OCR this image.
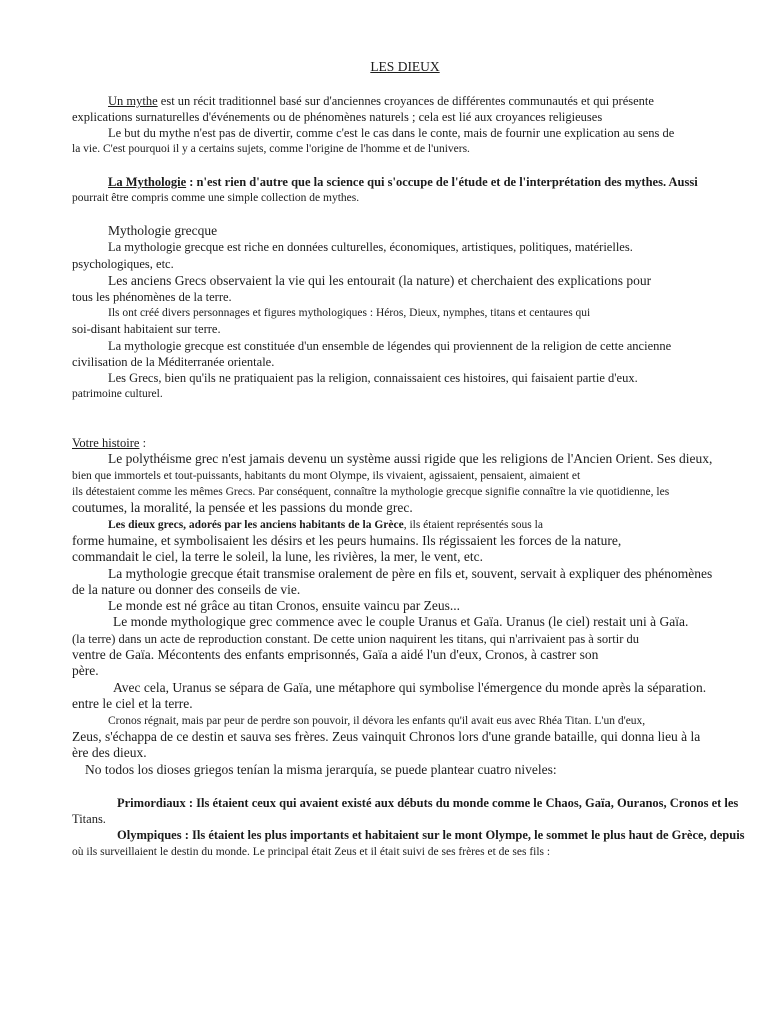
LES DIEUX
Un mythe est un récit traditionnel basé sur d'anciennes croyances de différentes communautés et qui présente
explications surnaturelles d'événements ou de phénomènes naturels ; cela est lié aux croyances religieuses
Le but du mythe n'est pas de divertir, comme c'est le cas dans le conte, mais de fournir une explication au sens de
la vie. C'est pourquoi il y a certains sujets, comme l'origine de l'homme et de l'univers.
La Mythologie : n'est rien d'autre que la science qui s'occupe de l'étude et de l'interprétation des mythes. Aussi
pourrait être compris comme une simple collection de mythes.
Mythologie grecque
La mythologie grecque est riche en données culturelles, économiques, artistiques, politiques, matérielles.
psychologiques, etc.
Les anciens Grecs observaient la vie qui les entourait (la nature) et cherchaient des explications pour
tous les phénomènes de la terre.
Ils ont créé divers personnages et figures mythologiques : Héros, Dieux, nymphes, titans et centaures qui
soi-disant habitaient sur terre.
La mythologie grecque est constituée d'un ensemble de légendes qui proviennent de la religion de cette ancienne
civilisation de la Méditerranée orientale.
Les Grecs, bien qu'ils ne pratiquaient pas la religion, connaissaient ces histoires, qui faisaient partie d'eux.
patrimoine culturel.
Votre histoire :
Le polythéisme grec n'est jamais devenu un système aussi rigide que les religions de l'Ancien Orient. Ses dieux,
bien que immortels et tout-puissants, habitants du mont Olympe, ils vivaient, agissaient, pensaient, aimaient et
ils détestaient comme les mêmes Grecs. Par conséquent, connaître la mythologie grecque signifie connaître la vie quotidienne, les
coutumes, la moralité, la pensée et les passions du monde grec.
Les dieux grecs, adorés par les anciens habitants de la Grèce, ils étaient représentés sous la
forme humaine, et symbolisaient les désirs et les peurs humains. Ils régissaient les forces de la nature,
commandait le ciel, la terre le soleil, la lune, les rivières, la mer, le vent, etc.
La mythologie grecque était transmise oralement de père en fils et, souvent, servait à expliquer des phénomènes
de la nature ou donner des conseils de vie.
Le monde est né grâce au titan Cronos, ensuite vaincu par Zeus...
Le monde mythologique grec commence avec le couple Uranus et Gaïa. Uranus (le ciel) restait uni à Gaïa.
(la terre) dans un acte de reproduction constant. De cette union naquirent les titans, qui n'arrivaient pas à sortir du
ventre de Gaïa. Mécontents des enfants emprisonnés, Gaïa a aidé l'un d'eux, Cronos, à castrer son
père.
Avec cela, Uranus se sépara de Gaïa, une métaphore qui symbolise l'émergence du monde après la séparation.
entre le ciel et la terre.
Cronos régnait, mais par peur de perdre son pouvoir, il dévora les enfants qu'il avait eus avec Rhéa Titan. L'un d'eux,
Zeus, s'échappa de ce destin et sauva ses frères. Zeus vainquit Chronos lors d'une grande bataille, qui donna lieu à la
ère des dieux.
No todos los dioses griegos tenían la misma jerarquía, se puede plantear cuatro niveles:
Primordiaux : Ils étaient ceux qui avaient existé aux débuts du monde comme le Chaos, Gaïa, Ouranos, Cronos et les
Titans.
Olympiques : Ils étaient les plus importants et habitaient sur le mont Olympe, le sommet le plus haut de Grèce, depuis
où ils surveillaient le destin du monde. Le principal était Zeus et il était suivi de ses frères et de ses fils :
